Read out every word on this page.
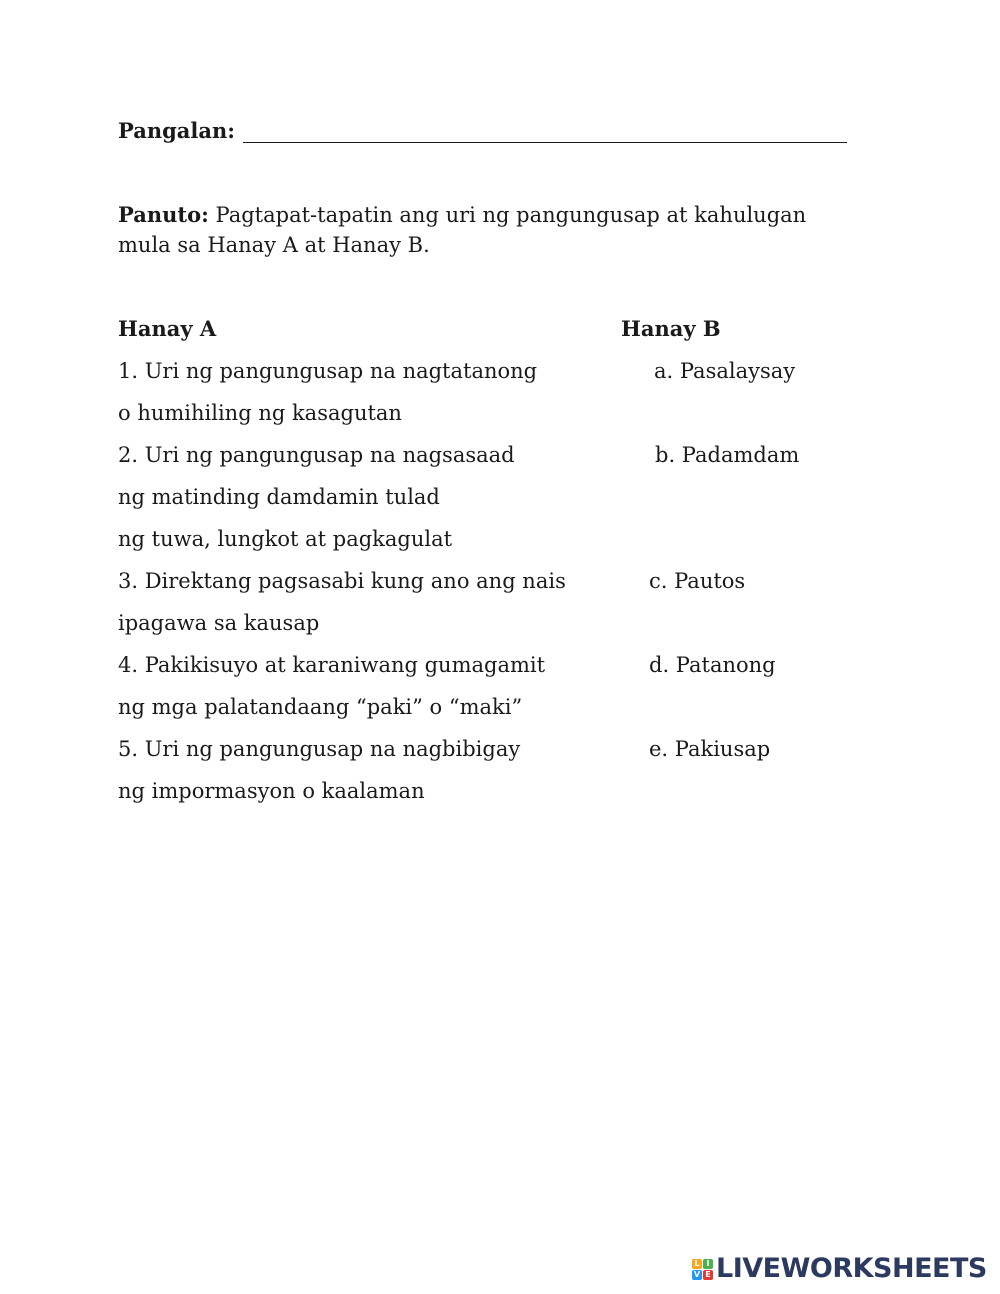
Pangalan:
Panuto: Pagtapat-tapatin ang uri ng pangungusap at kahulugan
mula sa Hanay A at Hanay B.
Hanay A	Hanay B
1. Uri ng pangungusap na nagtatanong
o humihiling ng kasagutan
2. Uri ng pangungusap na nagsasaad
ng matinding damdamin tulad
ng tuwa, lungkot at pagkagulat
3. Direktang pagsasabi kung ano ang nais
ipagawa sa kausap
4. Pakikisuyo at karaniwang gumagamit
ng mga palatandaang “paki” o “maki”
5. Uri ng pangungusap na nagbibigay
ng impormasyon o kaalaman
a. Pasalaysay
b. Padamdam
c. Pautos
d. Patanong
e. Pakiusap
L I
V E LIVEWORKSHEETS
